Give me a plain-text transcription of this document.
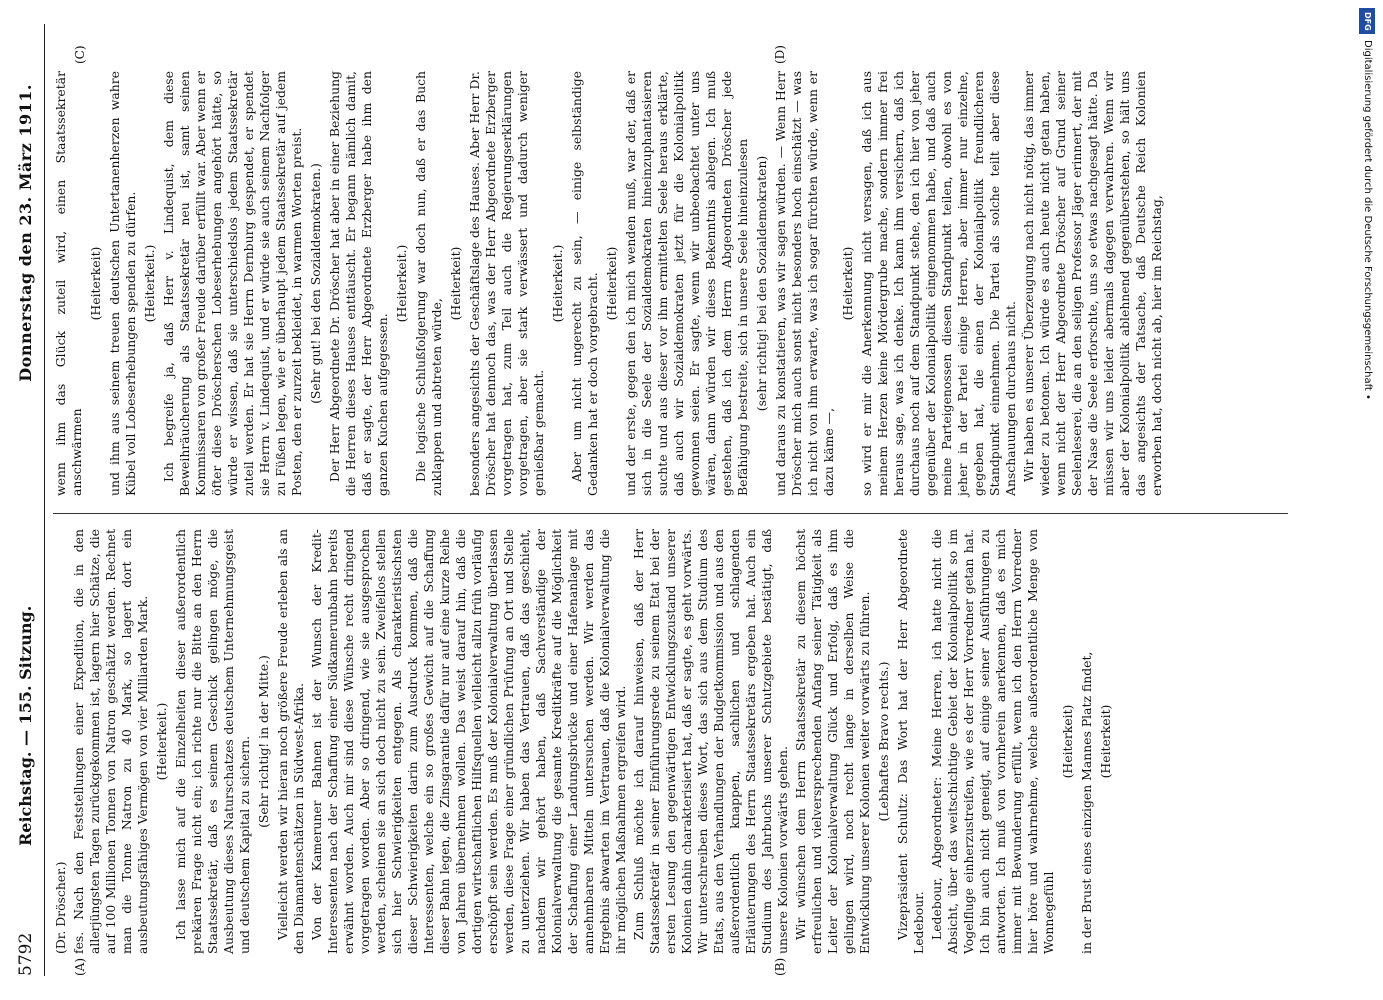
5792
Reichstag. — 155. Sitzung.
Donnerstag den 23. März 1911.
(A)	(B)
(C)	(D)

(Dr. Dröscher.) fes. Nach den Feststellungen einer Expedition, die in den allerjüngsten Tagen zurückgekommen ist, lagern hier Schätze, die auf 100 Millionen Tonnen von Natron geschätzt werden. Rechnet man die Tonne Natron zu 40 Mark, so lagert dort ein ausbeutungsfähiges Vermögen von vier Milliarden Mark. (Heiterkeit.) Ich lasse mich auf die Einzelheiten dieser außerordentlich prekären Frage nicht ein; ich richte nur die Bitte an den Herrn Staatssekretär, daß es seinem Geschick gelingen möge, die Ausbeutung dieses Naturschatzes deutschem Unternehmungsgeist und deutschem Kapital zu sichern. (Sehr richtig! in der Mitte.) Vielleicht werden wir hieran noch größere Freude erleben als an den Diamantenschätzen in Südwest-Afrika. Von der Kameruner Bahnen ist der Wunsch der Kredit-Interessenten nach der Schaffung einer Südkamerunbahn bereits erwähnt worden. Auch mir sind diese Wünsche recht dringend vorgetragen worden. Aber so dringend, wie sie ausgesprochen werden, scheinen sie an sich doch nicht zu sein. Zweifellos stellen sich hier Schwierigkeiten entgegen. Als charakteristischsten dieser Schwierigkeiten darin zum Ausdruck kommen, daß die Interessenten, welche ein so großes Gewicht auf die Schaffung dieser Bahn legen, die Zinsgarantie dafür nur auf eine kurze Reihe von Jahren übernehmen wollen. Das weist darauf hin, daß die dortigen wirtschaftlichen Hilfsquellen vielleicht allzu früh vorläufig erschöpft sein werden. Es muß der Kolonialverwaltung überlassen werden, diese Frage einer gründlichen Prüfung an Ort und Stelle zu unterziehen. Wir haben das Vertrauen, daß das geschieht, nachdem wir gehört haben, daß Sachverständige der Kolonialverwaltung die gesamte Kreditkräfte auf die Möglichkeit der Schaffung einer Landungsbrücke und einer Hafenanlage mit annehmbaren Mitteln untersuchen werden. Wir werden das Ergebnis abwarten im Vertrauen, daß die Kolonialverwaltung die ihr möglichen Maßnahmen ergreifen wird. Zum Schluß möchte ich darauf hinweisen, daß der Herr Staatssekretär in seiner Einführungsrede zu seinem Etat bei der ersten Lesung den gegenwärtigen Entwicklungszustand unserer Kolonien dahin charakterisiert hat, daß er sagte, es geht vorwärts. Wir unterschreiben dieses Wort, das sich aus dem Studium des Etats, aus den Verhandlungen der Budgetkommission und aus den außerordentlich knappen, sachlichen und schlagenden Erläuterungen des Herrn Staatssekretärs ergeben hat. Auch ein Studium des Jahrbuchs unserer Schutzgebiete bestätigt, daß unsere Kolonien vorwärts gehen. Wir wünschen dem Herrn Staatssekretär zu diesem höchst erfreulichen und vielversprechenden Anfang seiner Tätigkeit als Leiter der Kolonialverwaltung Glück und Erfolg, daß es ihm gelingen wird, noch recht lange in derselben Weise die Entwicklung unserer Kolonien weiter vorwärts zu führen. (Lebhaftes Bravo rechts.) Vizepräsident Schultz: Das Wort hat der Herr Abgeordnete Ledebour. Ledebour, Abgeordneter: Meine Herren, ich hatte nicht die Absicht, über das weitschichtige Gebiet der Kolonialpolitik so im Vogelfluge einherzustreifen, wie es der Herr Vorredner getan hat. Ich bin auch nicht geneigt, auf einige seiner Ausführungen zu antworten. Ich muß von vornherein anerkennen, daß es mich immer mit Bewunderung erfüllt, wenn ich den Herrn Vorredner hier höre und wahrnehme, welche außerordentliche Menge von Wonnegefühl

(Heiterkeit) in der Brust eines einzigen Mannes Platz findet, (Heiterkeit)

wenn ihm das Glück zuteil wird, einen Staatssekretär anschwärmen

(Heiterkeit) und ihm aus seinem treuen deutschen Untertanenherzen wahre Kübel voll Lobeserhebungen spenden zu dürfen. (Heiterkeit.) Ich begreife ja, daß Herr v. Lindequist, dem diese Beweihräucherung als Staatssekretär neu ist, samt seinen Kommissaren von großer Freude darüber erfüllt war. Aber wenn er öfter diese Dröscherschen Lobeserhebungen angehört hätte, so würde er wissen, daß sie unterschiedslos jedem Staatssekretär zuteil werden. Er hat sie Herrn Dernburg gespendet, er spendet sie Herrn v. Lindequist, und er würde sie auch seinem Nachfolger zu Füßen legen, wie er überhaupt jedem Staatssekretär auf jedem Posten, den er zurzeit bekleidet, in warmen Worten preist. (Sehr gut! bei den Sozialdemokraten.) Der Herr Abgeordnete Dr. Dröscher hat aber in einer Beziehung die Herren dieses Hauses enttäuscht. Er begann nämlich damit, daß er sagte, der Herr Abgeordnete Erzberger habe ihm den ganzen Kuchen aufgegessen.

(Heiterkeit.) Die logische Schlußfolgerung war doch nun, daß er das Buch zuklappen und abtreten würde,

(Heiterkeit) besonders angesichts der Geschäftslage des Hauses. Aber Herr Dr. Dröscher hat dennoch das, was der Herr Abgeordnete Erzberger vorgetragen hat, zum Teil auch die Regierungserklärungen vorgetragen, aber sie stark verwässert und dadurch weniger genießbar gemacht.

(Heiterkeit.) Aber um nicht ungerecht zu sein, — einige selbständige Gedanken hat er doch vorgebracht. (Heiterkeit) und der erste, gegen den ich mich wenden muß, war der, daß er sich in die Seele der Sozialdemokraten hineinzuphantasieren suchte und aus dieser vor ihm ermittelten Seele heraus erklärte, daß auch wir Sozialdemokraten jetzt für die Kolonialpolitik gewonnen seien. Er sagte, wenn wir unbeobachtet unter uns wären, dann würden wir dieses Bekenntnis ablegen. Ich muß gestehen, daß ich dem Herrn Abgeordneten Dröscher jede Befähigung bestreite, sich in unsere Seele hineinzulesen (sehr richtig! bei den Sozialdemokraten) und daraus zu konstatieren, was wir sagen würden. — Wenn Herr Dröscher mich auch sonst nicht besonders hoch einschätzt — was ich nicht von ihm erwarte, was ich sogar fürchten würde, wenn er dazu käme —,

(Heiterkeit) so wird er mir die Anerkennung nicht versagen, daß ich aus meinem Herzen keine Mördergrube mache, sondern immer frei heraus sage, was ich denke. Ich kann ihm versichern, daß ich durchaus noch auf dem Standpunkt stehe, den ich hier von jeher gegenüber der Kolonialpolitik eingenommen habe, und daß auch meine Parteigenossen diesen Standpunkt teilen, obwohl es von jeher in der Partei einige Herren, aber immer nur einzelne, gegeben hat, die einen der Kolonialpolitik freundlicheren Standpunkt einnehmen. Die Partei als solche teilt aber diese Anschauungen durchaus nicht. Wir haben es unserer Überzeugung nach nicht nötig, das immer wieder zu betonen. Ich würde es auch heute nicht getan haben, wenn nicht der Herr Abgeordnete Dröscher auf Grund seiner Seelenleserei, die an den seligen Professor Jäger erinnert, der mit der Nase die Seele erforschte, uns so etwas nachgesagt hätte. Da müssen wir uns leider abermals dagegen verwahren. Wenn wir aber der Kolonialpolitik ablehnend gegenüberstehen, so hält uns das angesichts der Tatsache, daß Deutsche Reich Kolonien erworben hat, doch nicht ab, hier im Reichstag,

DFG
Digitalisierung gefördert durch die Deutsche Forschungsgemeinschaft •
